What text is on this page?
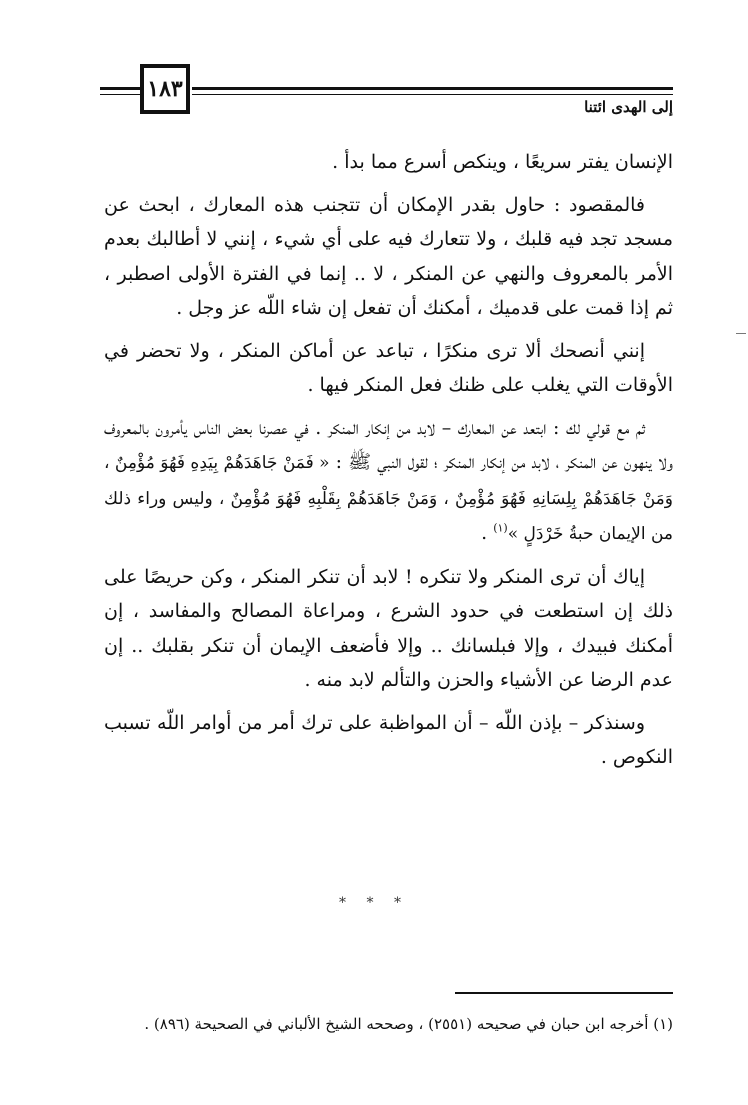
١٨٣
إلى الهدى ائتنا

الإنسان يفتر سريعًا ، وينكص أسرع مما بدأ .

فالمقصود : حاول بقدر الإمكان أن تتجنب هذه المعارك ، ابحث عن مسجد تجد فيه قلبك ، ولا تتعارك فيه على أي شيء ، إنني لا أطالبك بعدم الأمر بالمعروف والنهي عن المنكر ، لا .. إنما في الفترة الأولى اصطبر ، ثم إذا قمت على قدميك ، أمكنك أن تفعل إن شاء اللّه عز وجل .

إنني أنصحك ألا ترى منكرًا ، تباعد عن أماكن المنكر ، ولا تحضر في الأوقات التي يغلب على ظنك فعل المنكر فيها .

ثم مع قولي لك : ابتعد عن المعارك – لابد من إنكار المنكر . في عصرنا بعض الناس يأمرون بالمعروف ولا ينهون عن المنكر ، لابد من إنكار المنكر ؛ لقول النبي ﷺ : « فَمَنْ جَاهَدَهُمْ بِيَدِهِ فَهُوَ مُؤْمِنٌ ، وَمَنْ جَاهَدَهُمْ بِلِسَانِهِ فَهُوَ مُؤْمِنٌ ، وَمَنْ جَاهَدَهُمْ بِقَلْبِهِ فَهُوَ مُؤْمِنٌ ، وليس وراء ذلك من الإيمان حبةُ خَرْدَلٍ »$^{(١)}$ .

إياك أن ترى المنكر ولا تنكره ! لابد أن تنكر المنكر ، وكن حريصًا على ذلك إن استطعت في حدود الشرع ، ومراعاة المصالح والمفاسد ، إن أمكنك فبيدك ، وإلا فبلسانك .. وإلا فأضعف الإيمان أن تنكر بقلبك .. إن عدم الرضا عن الأشياء والحزن والتألم لابد منه .

وسنذكر – بإذن اللّه – أن المواظبة على ترك أمر من أوامر اللّه تسبب النكوص .

* * *
(١) أخرجه ابن حبان في صحيحه (٢٥٥١) ، وصححه الشيخ الألباني في الصحيحة (٨٩٦) .
